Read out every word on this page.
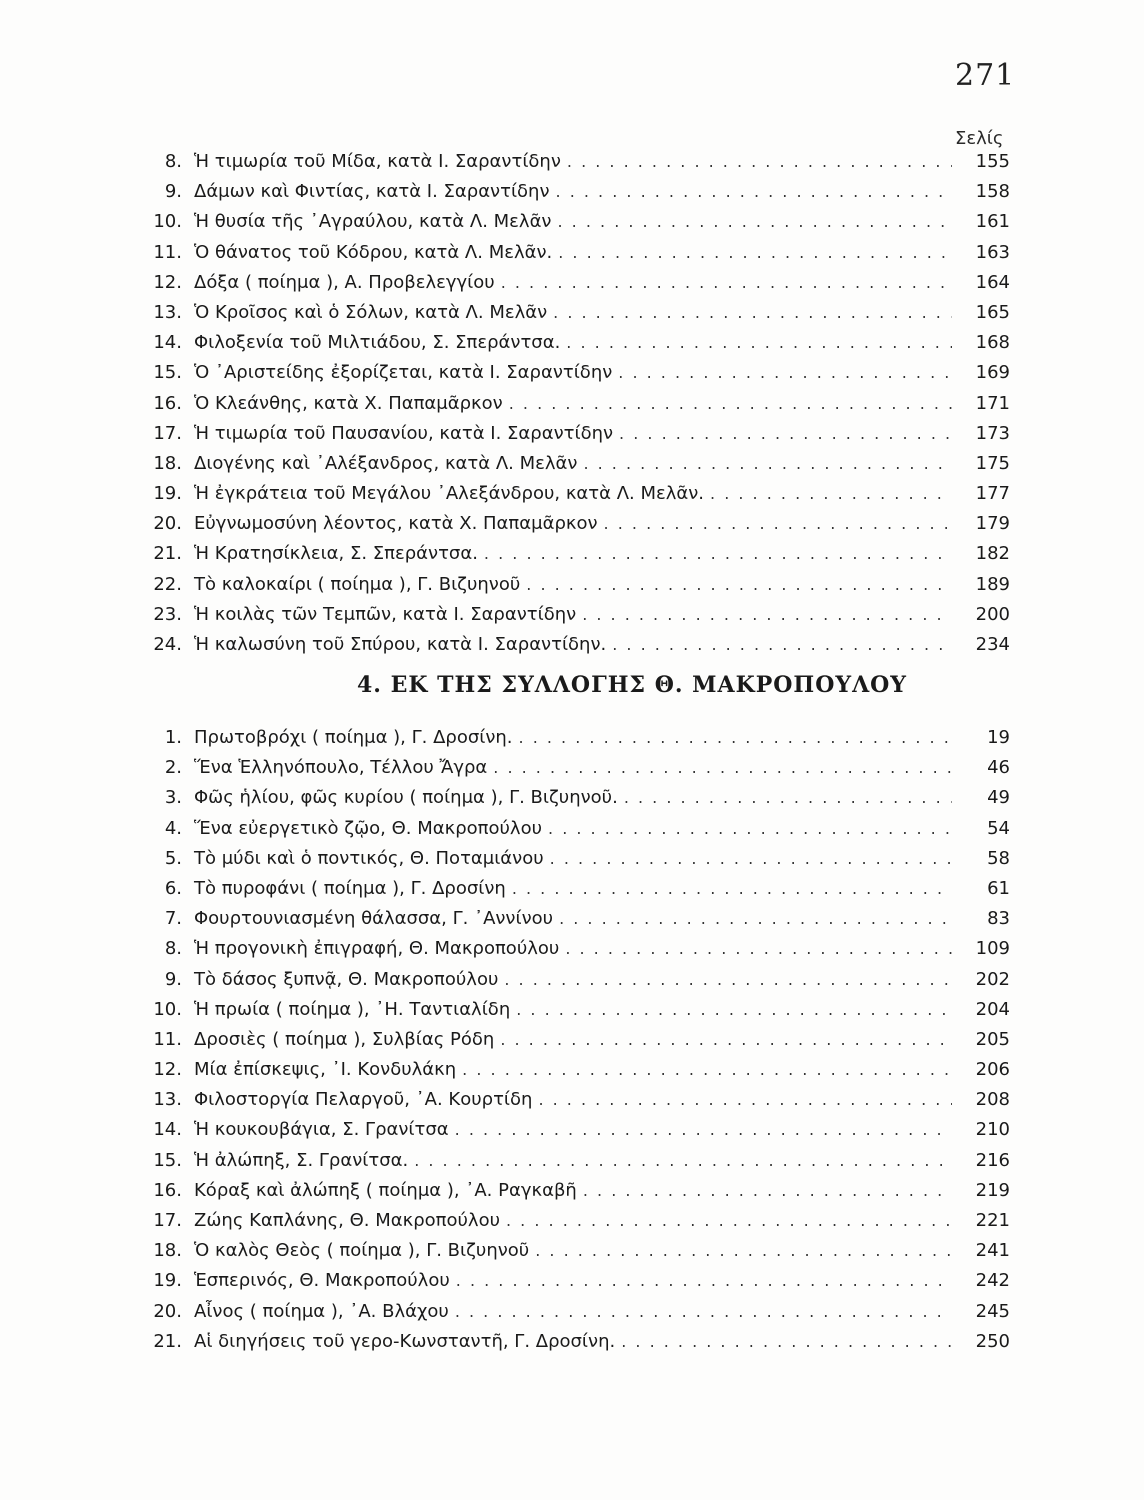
271
Σελίς
8. Ἡ τιμωρία τοῦ Μίδα, κατὰ Ι. Σαραντίδην . . .	155
9. Δάμων καὶ Φιντίας, κατὰ Ι. Σαραντίδην . . .	158
10. Ἡ θυσία τῆς ᾿Αγραύλου, κατὰ Λ. Μελᾶν . . .	161
11. Ὁ θάνατος τοῦ Κόδρου, κατὰ Λ. Μελᾶν. . . .	163
12. Δόξα ( ποίημα ), Α. Προβελεγγίου . . .	164
13. Ὁ Κροῖσος καὶ ὁ Σόλων, κατὰ Λ. Μελᾶν . . .	165
14. Φιλοξενία τοῦ Μιλτιάδου, Σ. Σπεράντσα. . . .	168
15. Ὁ ᾿Αριστείδης ἐξορίζεται, κατὰ Ι. Σαραντίδην . . .	169
16. Ὁ Κλεάνθης, κατὰ Χ. Παπαμᾶρκον . . .	171
17. Ἡ τιμωρία τοῦ Παυσανίου, κατὰ Ι. Σαραντίδην . . .	173
18. Διογένης καὶ ᾿Αλέξανδρος, κατὰ Λ. Μελᾶν . . .	175
19. Ἡ ἐγκράτεια τοῦ Μεγάλου ᾿Αλεξάνδρου, κατὰ Λ. Μελᾶν. . . .	177
20. Εὐγνωμοσύνη λέοντος, κατὰ Χ. Παπαμᾶρκον . . .	179
21. Ἡ Κρατησίκλεια, Σ. Σπεράντσα. . . .	182
22. Τὸ καλοκαίρι ( ποίημα ), Γ. Βιζυηνοῦ . . .	189
23. Ἡ κοιλὰς τῶν Τεμπῶν, κατὰ Ι. Σαραντίδην . . .	200
24. Ἡ καλωσύνη τοῦ Σπύρου, κατὰ Ι. Σαραντίδην. . . .	234
4. ΕΚ ΤΗΣ ΣΥΛΛΟΓΗΣ Θ. ΜΑΚΡΟΠΟΥΛΟΥ
1. Πρωτοβρόχι ( ποίημα ), Γ. Δροσίνη. . . .	19
2. Ἕνα Ἑλληνόπουλο, Τέλλου Ἄγρα . . .	46
3. Φῶς ἡλίου, φῶς κυρίου ( ποίημα ), Γ. Βιζυηνοῦ. . . .	49
4. Ἕνα εὐεργετικὸ ζῷο, Θ. Μακροπούλου . . .	54
5. Τὸ μύδι καὶ ὁ ποντικός, Θ. Ποταμιάνου . . .	58
6. Τὸ πυροφάνι ( ποίημα ), Γ. Δροσίνη . . .	61
7. Φουρτουνιασμένη θάλασσα, Γ. ᾿Αννίνου . . .	83
8. Ἡ προγονικὴ ἐπιγραφή, Θ. Μακροπούλου . . .	109
9. Τὸ δάσος ξυπνᾷ, Θ. Μακροπούλου . . .	202
10. Ἡ πρωία ( ποίημα ), ᾿Η. Ταντιαλίδη . . .	204
11. Δροσιὲς ( ποίημα ), Συλβίας Ρόδη . . .	205
12. Μία ἐπίσκεψις, ᾿Ι. Κονδυλάκη . . .	206
13. Φιλοστοργία Πελαργοῦ, ᾿Α. Κουρτίδη . . .	208
14. Ἡ κουκουβάγια, Σ. Γρανίτσα . . .	210
15. Ἡ ἀλώπηξ, Σ. Γρανίτσα. . . .	216
16. Κόραξ καὶ ἀλώπηξ ( ποίημα ), ᾿Α. Ραγκαβῆ . . .	219
17. Ζώης Καπλάνης, Θ. Μακροπούλου . . .	221
18. Ὁ καλὸς Θεὸς ( ποίημα ), Γ. Βιζυηνοῦ . . .	241
19. Ἑσπερινός, Θ. Μακροπούλου . . .	242
20. Αἶνος ( ποίημα ), ᾿Α. Βλάχου . . .	245
21. Αἱ διηγήσεις τοῦ γερο-Κωνσταντῆ, Γ. Δροσίνη. . . .	250
